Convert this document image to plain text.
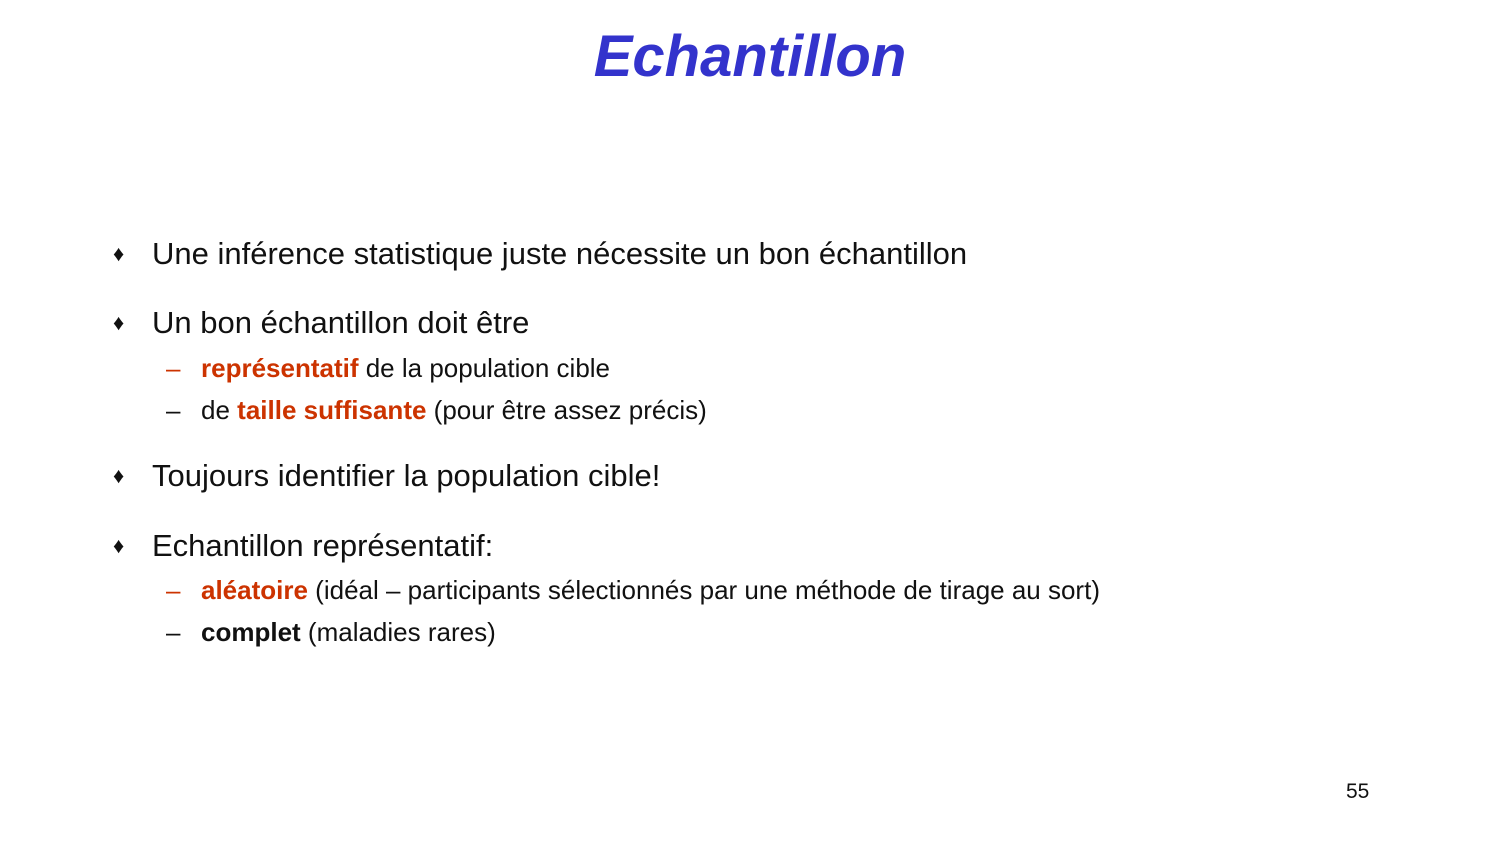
Echantillon
♦ Une inférence statistique juste nécessite un bon échantillon
♦ Un bon échantillon doit être
– représentatif de la population cible
– de taille suffisante (pour être assez précis)
♦ Toujours identifier la population cible!
♦ Echantillon représentatif:
– aléatoire (idéal – participants sélectionnés par une méthode de tirage au sort)
– complet (maladies rares)
55
